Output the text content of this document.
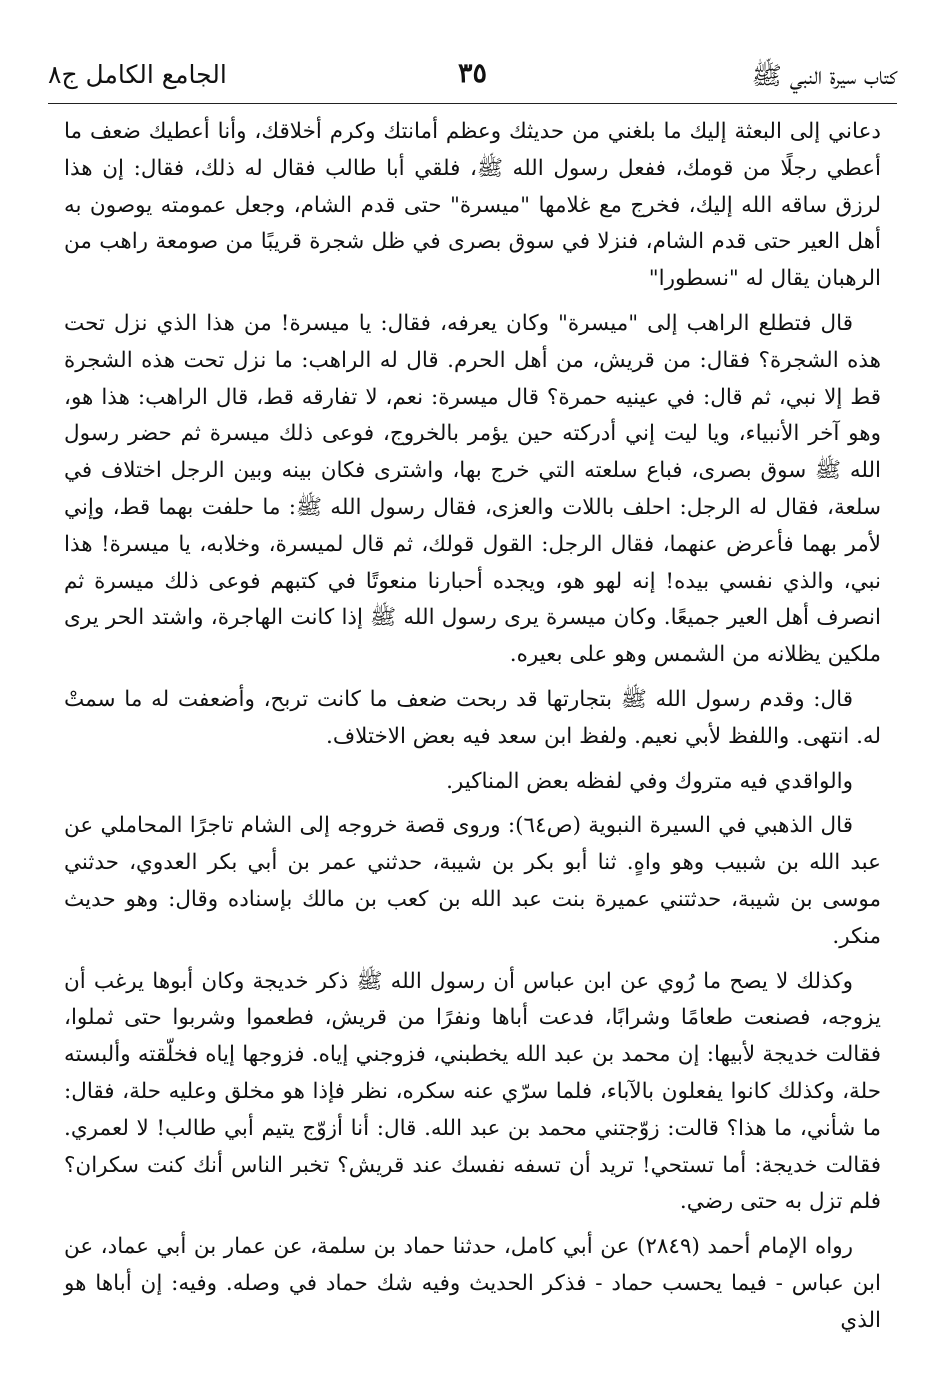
كتاب سيرة النبي ﷺ
٣٥
الجامع الكامل ج٨

دعاني إلى البعثة إليك ما بلغني من حديثك وعظم أمانتك وكرم أخلاقك، وأنا أعطيك ضعف ما أعطي رجلًا من قومك، ففعل رسول الله ﷺ، فلقي أبا طالب فقال له ذلك، فقال: إن هذا لرزق ساقه الله إليك، فخرج مع غلامها "ميسرة" حتى قدم الشام، وجعل عمومته يوصون به أهل العير حتى قدم الشام، فنزلا في سوق بصرى في ظل شجرة قريبًا من صومعة راهب من الرهبان يقال له "نسطورا"

قال فتطلع الراهب إلى "ميسرة" وكان يعرفه، فقال: يا ميسرة! من هذا الذي نزل تحت هذه الشجرة؟ فقال: من قريش، من أهل الحرم. قال له الراهب: ما نزل تحت هذه الشجرة قط إلا نبي، ثم قال: في عينيه حمرة؟ قال ميسرة: نعم، لا تفارقه قط، قال الراهب: هذا هو، وهو آخر الأنبياء، ويا ليت إني أدركته حين يؤمر بالخروج، فوعى ذلك ميسرة ثم حضر رسول الله ﷺ سوق بصرى، فباع سلعته التي خرج بها، واشترى فكان بينه وبين الرجل اختلاف في سلعة، فقال له الرجل: احلف باللات والعزى، فقال رسول الله ﷺ: ما حلفت بهما قط، وإني لأمر بهما فأعرض عنهما، فقال الرجل: القول قولك، ثم قال لميسرة، وخلابه، يا ميسرة! هذا نبي، والذي نفسي بيده! إنه لهو هو، ويجده أحبارنا منعوتًا في كتبهم فوعى ذلك ميسرة ثم انصرف أهل العير جميعًا. وكان ميسرة يرى رسول الله ﷺ إذا كانت الهاجرة، واشتد الحر يرى ملكين يظلانه من الشمس وهو على بعيره.

قال: وقدم رسول الله ﷺ بتجارتها قد ربحت ضعف ما كانت تربح، وأضعفت له ما سمتْ له. انتهى. واللفظ لأبي نعيم. ولفظ ابن سعد فيه بعض الاختلاف.

والواقدي فيه متروك وفي لفظه بعض المناكير.

قال الذهبي في السيرة النبوية (ص٦٤): وروى قصة خروجه إلى الشام تاجرًا المحاملي عن عبد الله بن شبيب وهو واهٍ. ثنا أبو بكر بن شيبة، حدثني عمر بن أبي بكر العدوي، حدثني موسى بن شيبة، حدثتني عميرة بنت عبد الله بن كعب بن مالك بإسناده وقال: وهو حديث منكر.

وكذلك لا يصح ما رُوي عن ابن عباس أن رسول الله ﷺ ذكر خديجة وكان أبوها يرغب أن يزوجه، فصنعت طعامًا وشرابًا، فدعت أباها ونفرًا من قريش، فطعموا وشربوا حتى ثملوا، فقالت خديجة لأبيها: إن محمد بن عبد الله يخطبني، فزوجني إياه. فزوجها إياه فخلّقته وألبسته حلة، وكذلك كانوا يفعلون بالآباء، فلما سرّي عنه سكره، نظر فإذا هو مخلق وعليه حلة، فقال: ما شأني، ما هذا؟ قالت: زوّجتني محمد بن عبد الله. قال: أنا أزوّج يتيم أبي طالب! لا لعمري. فقالت خديجة: أما تستحي! تريد أن تسفه نفسك عند قريش؟ تخبر الناس أنك كنت سكران؟ فلم تزل به حتى رضي.

رواه الإمام أحمد (٢٨٤٩) عن أبي كامل، حدثنا حماد بن سلمة، عن عمار بن أبي عماد، عن ابن عباس - فيما يحسب حماد - فذكر الحديث وفيه شك حماد في وصله. وفيه: إن أباها هو الذي
